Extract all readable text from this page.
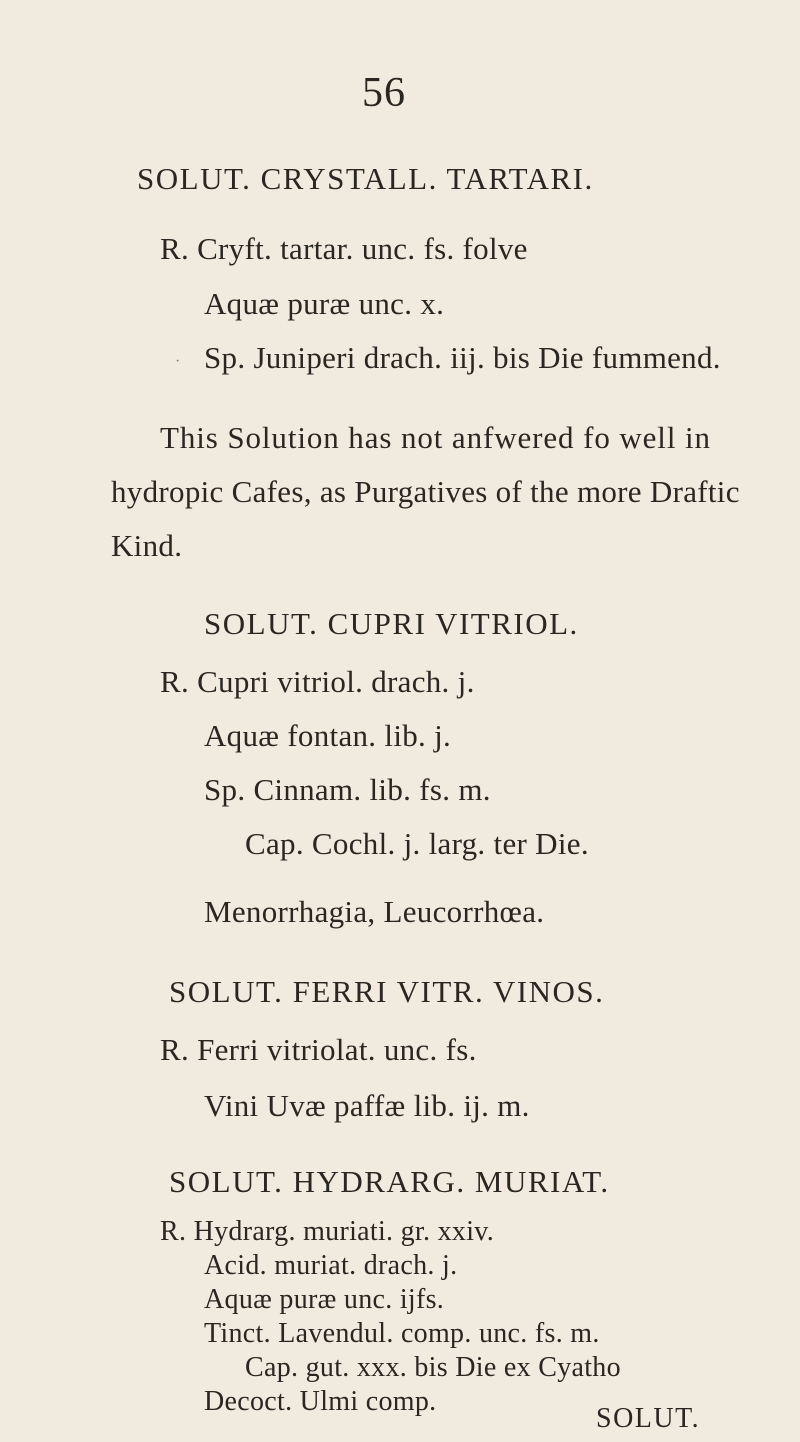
56
SOLUT. CRYSTALL. TARTARI.
R. Cryft. tartar. unc. fs. folve
Aquæ puræ unc. x.
· Sp. Juniperi drach. iij. bis Die fummend.
This Solution has not anfwered fo well in
hydropic Cafes, as Purgatives of the more Draftic
Kind.
SOLUT. CUPRI VITRIOL.
R. Cupri vitriol. drach. j.
Aquæ fontan. lib. j.
Sp. Cinnam. lib. fs. m.
Cap. Cochl. j. larg. ter Die.
Menorrhagia, Leucorrhœa.
SOLUT. FERRI VITR. VINOS.
R. Ferri vitriolat. unc. fs.
Vini Uvæ paffæ lib. ij. m.
SOLUT. HYDRARG. MURIAT.
R. Hydrarg. muriati. gr. xxiv.
Acid. muriat. drach. j.
Aquæ puræ unc. ijfs.
Tinct. Lavendul. comp. unc. fs. m.
Cap. gut. xxx. bis Die ex Cyatho
Decoct. Ulmi comp.
SOLUT.
